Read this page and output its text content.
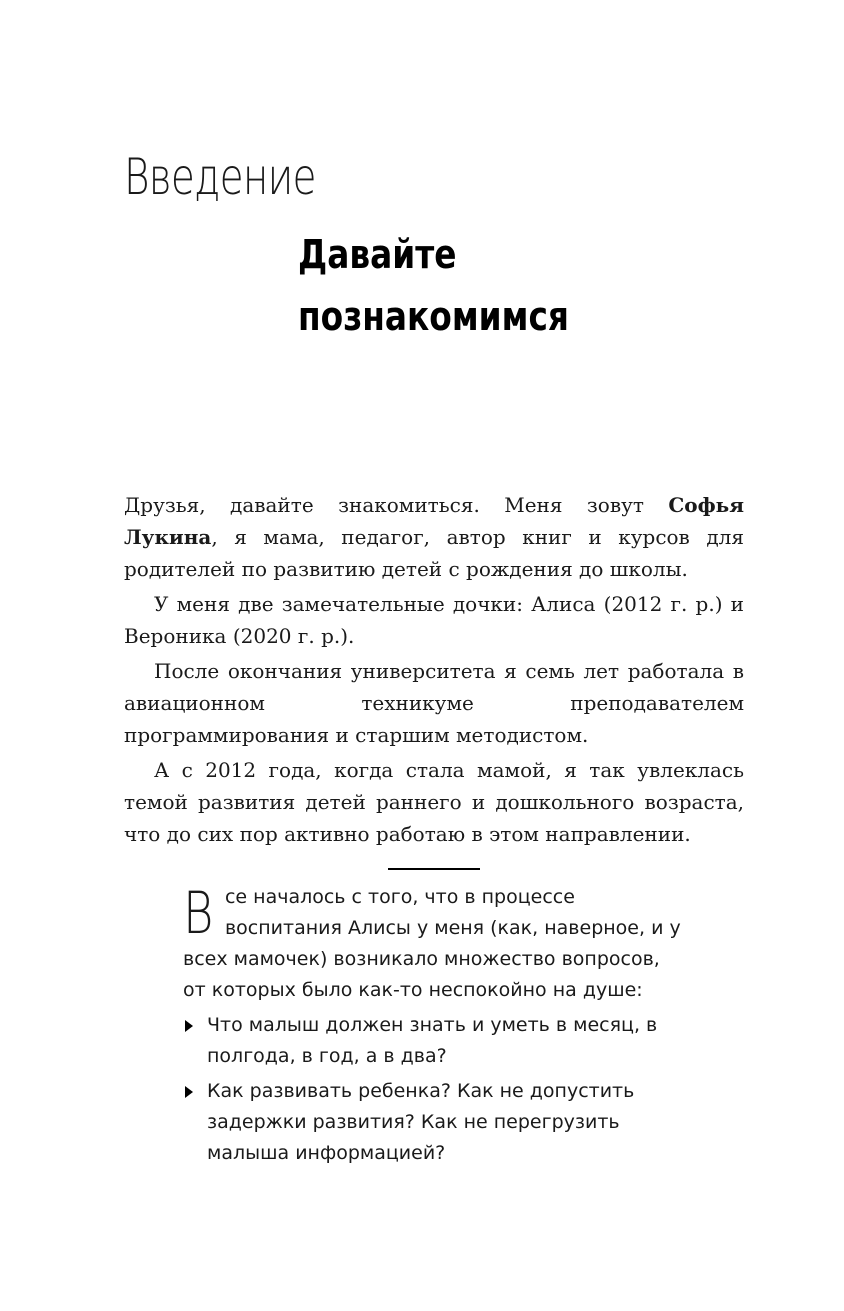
Введение
Давайте
познакомимся

Друзья, давайте знакомиться. Меня зовут Софья Лукина, я мама, педагог, автор книг и курсов для родителей по развитию детей с рождения до школы.

У меня две замечательные дочки: Алиса (2012 г. р.) и Вероника (2020 г. р.).

После окончания университета я семь лет работала в авиационном техникуме преподавателем программирования и старшим методистом.

А с 2012 года, когда стала мамой, я так увлеклась темой развития детей раннего и дошкольного возраста, что до сих пор активно работаю в этом направлении.

Все началось с того, что в процессе воспитания Алисы у меня (как, наверное, и у всех мамочек) возникало множество вопросов, от которых было как-то неспокойно на душе:

Что малыш должен знать и уметь в месяц, в полгода, в год, а в два?
Как развивать ребенка? Как не допустить задержки развития? Как не перегрузить малыша информацией?
